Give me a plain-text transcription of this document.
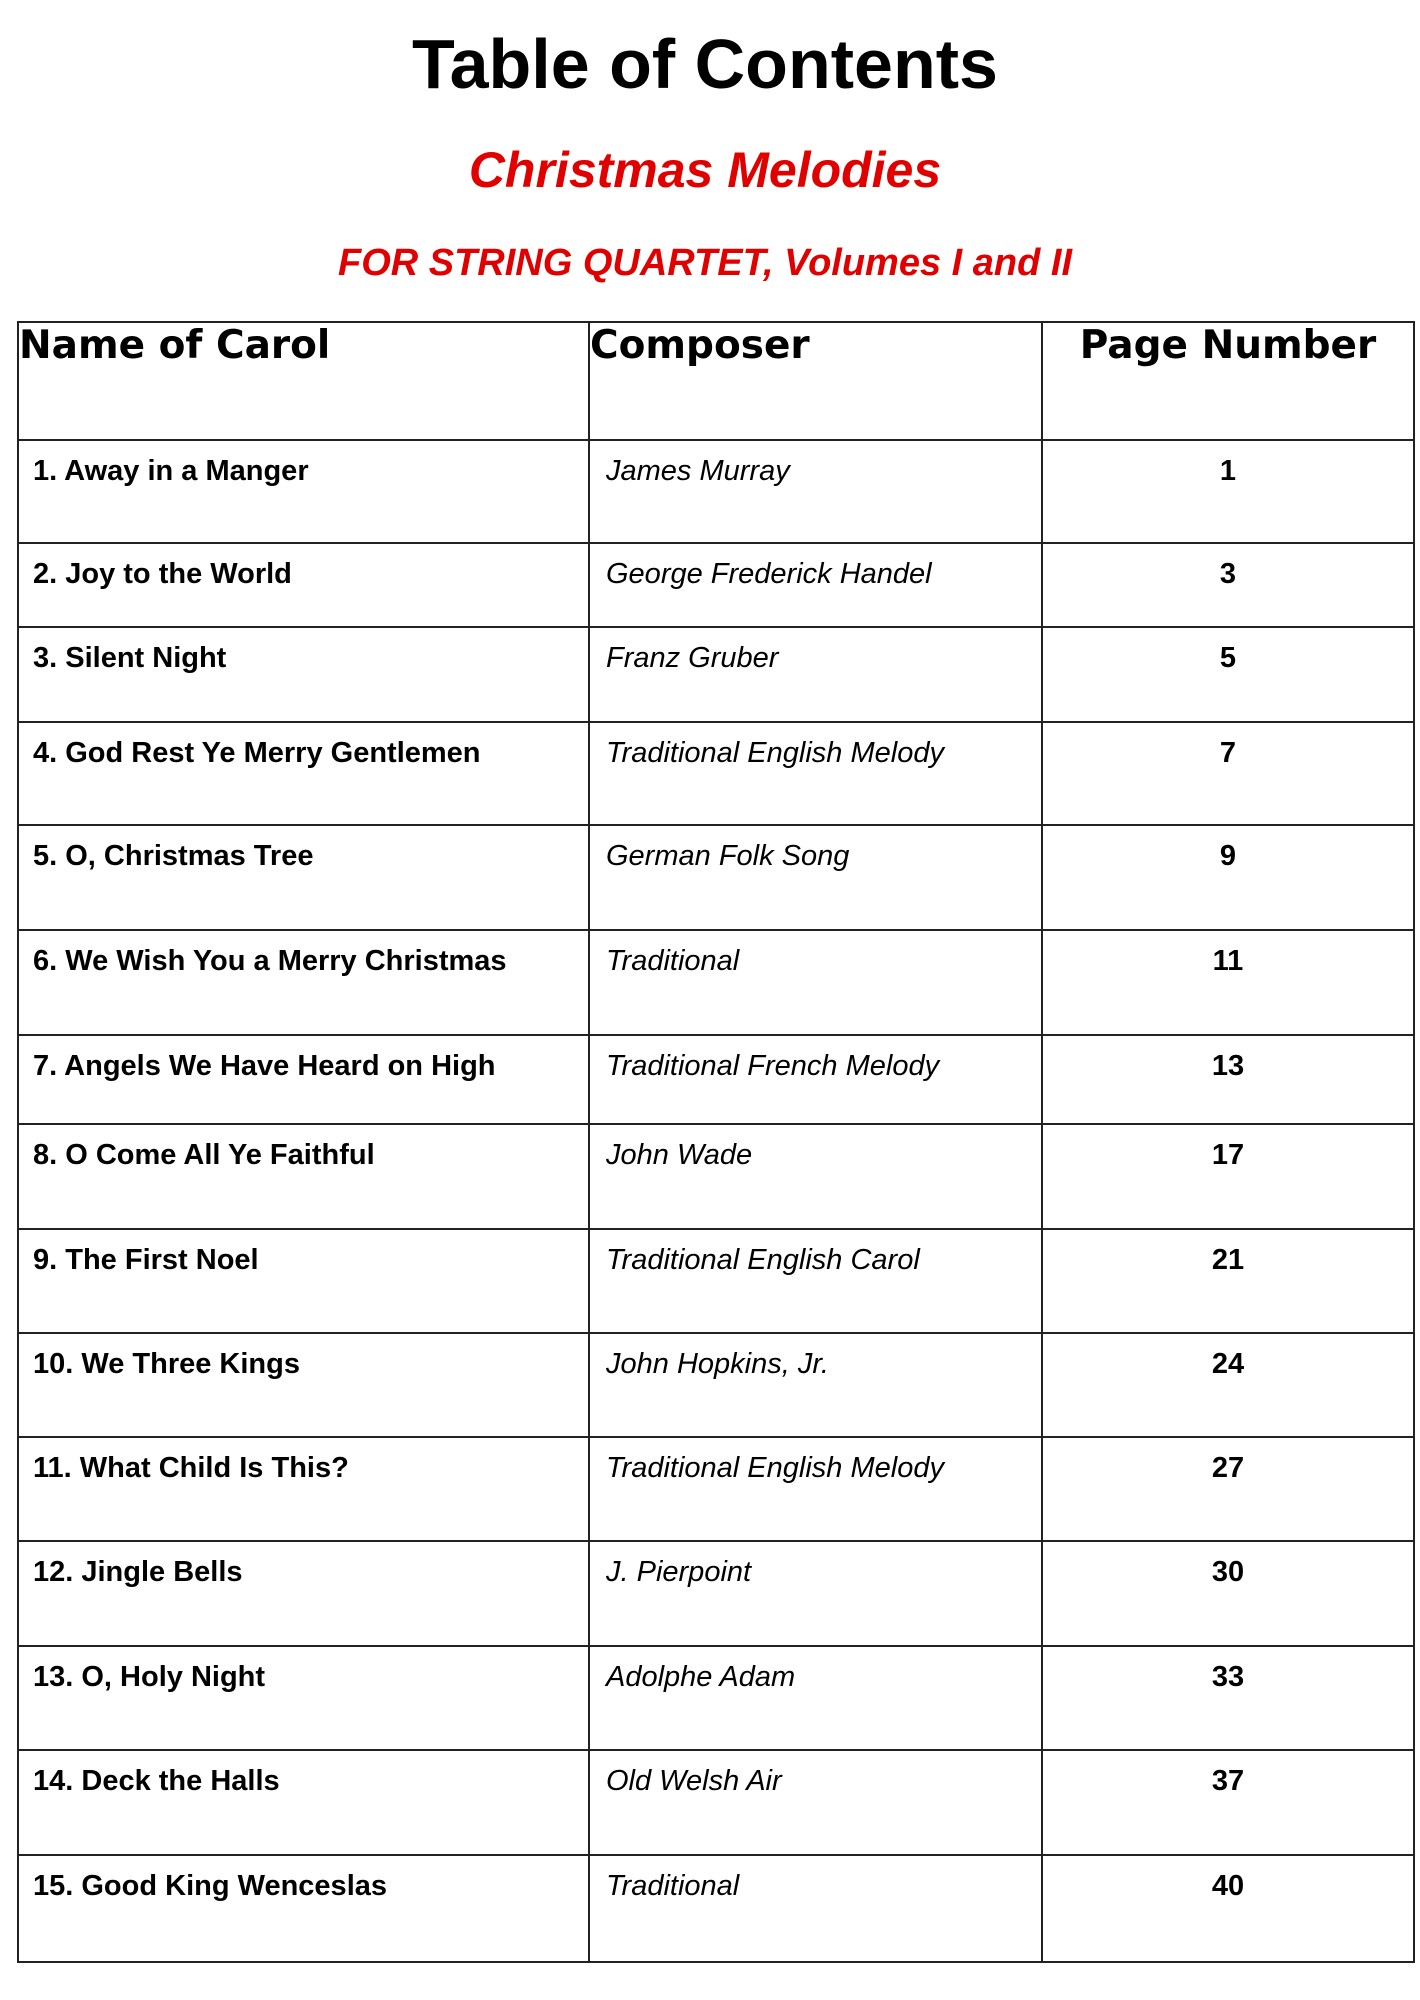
Table of Contents
Christmas Melodies
FOR STRING QUARTET, Volumes I and II
Name of Carol	Composer	Page Number
1. Away in a Manger	James Murray	1
2. Joy to the World	George Frederick Handel	3
3. Silent Night	Franz Gruber	5
4. God Rest Ye Merry Gentlemen	Traditional English Melody	7
5. O, Christmas Tree	German Folk Song	9
6. We Wish You a Merry Christmas	Traditional	11
7. Angels We Have Heard on High	Traditional French Melody	13
8. O Come All Ye Faithful	John Wade	17
9. The First Noel	Traditional English Carol	21
10. We Three Kings	John Hopkins, Jr.	24
11. What Child Is This?	Traditional English Melody	27
12. Jingle Bells	J. Pierpoint	30
13. O, Holy Night	Adolphe Adam	33
14. Deck the Halls	Old Welsh Air	37
15. Good King Wenceslas	Traditional	40
